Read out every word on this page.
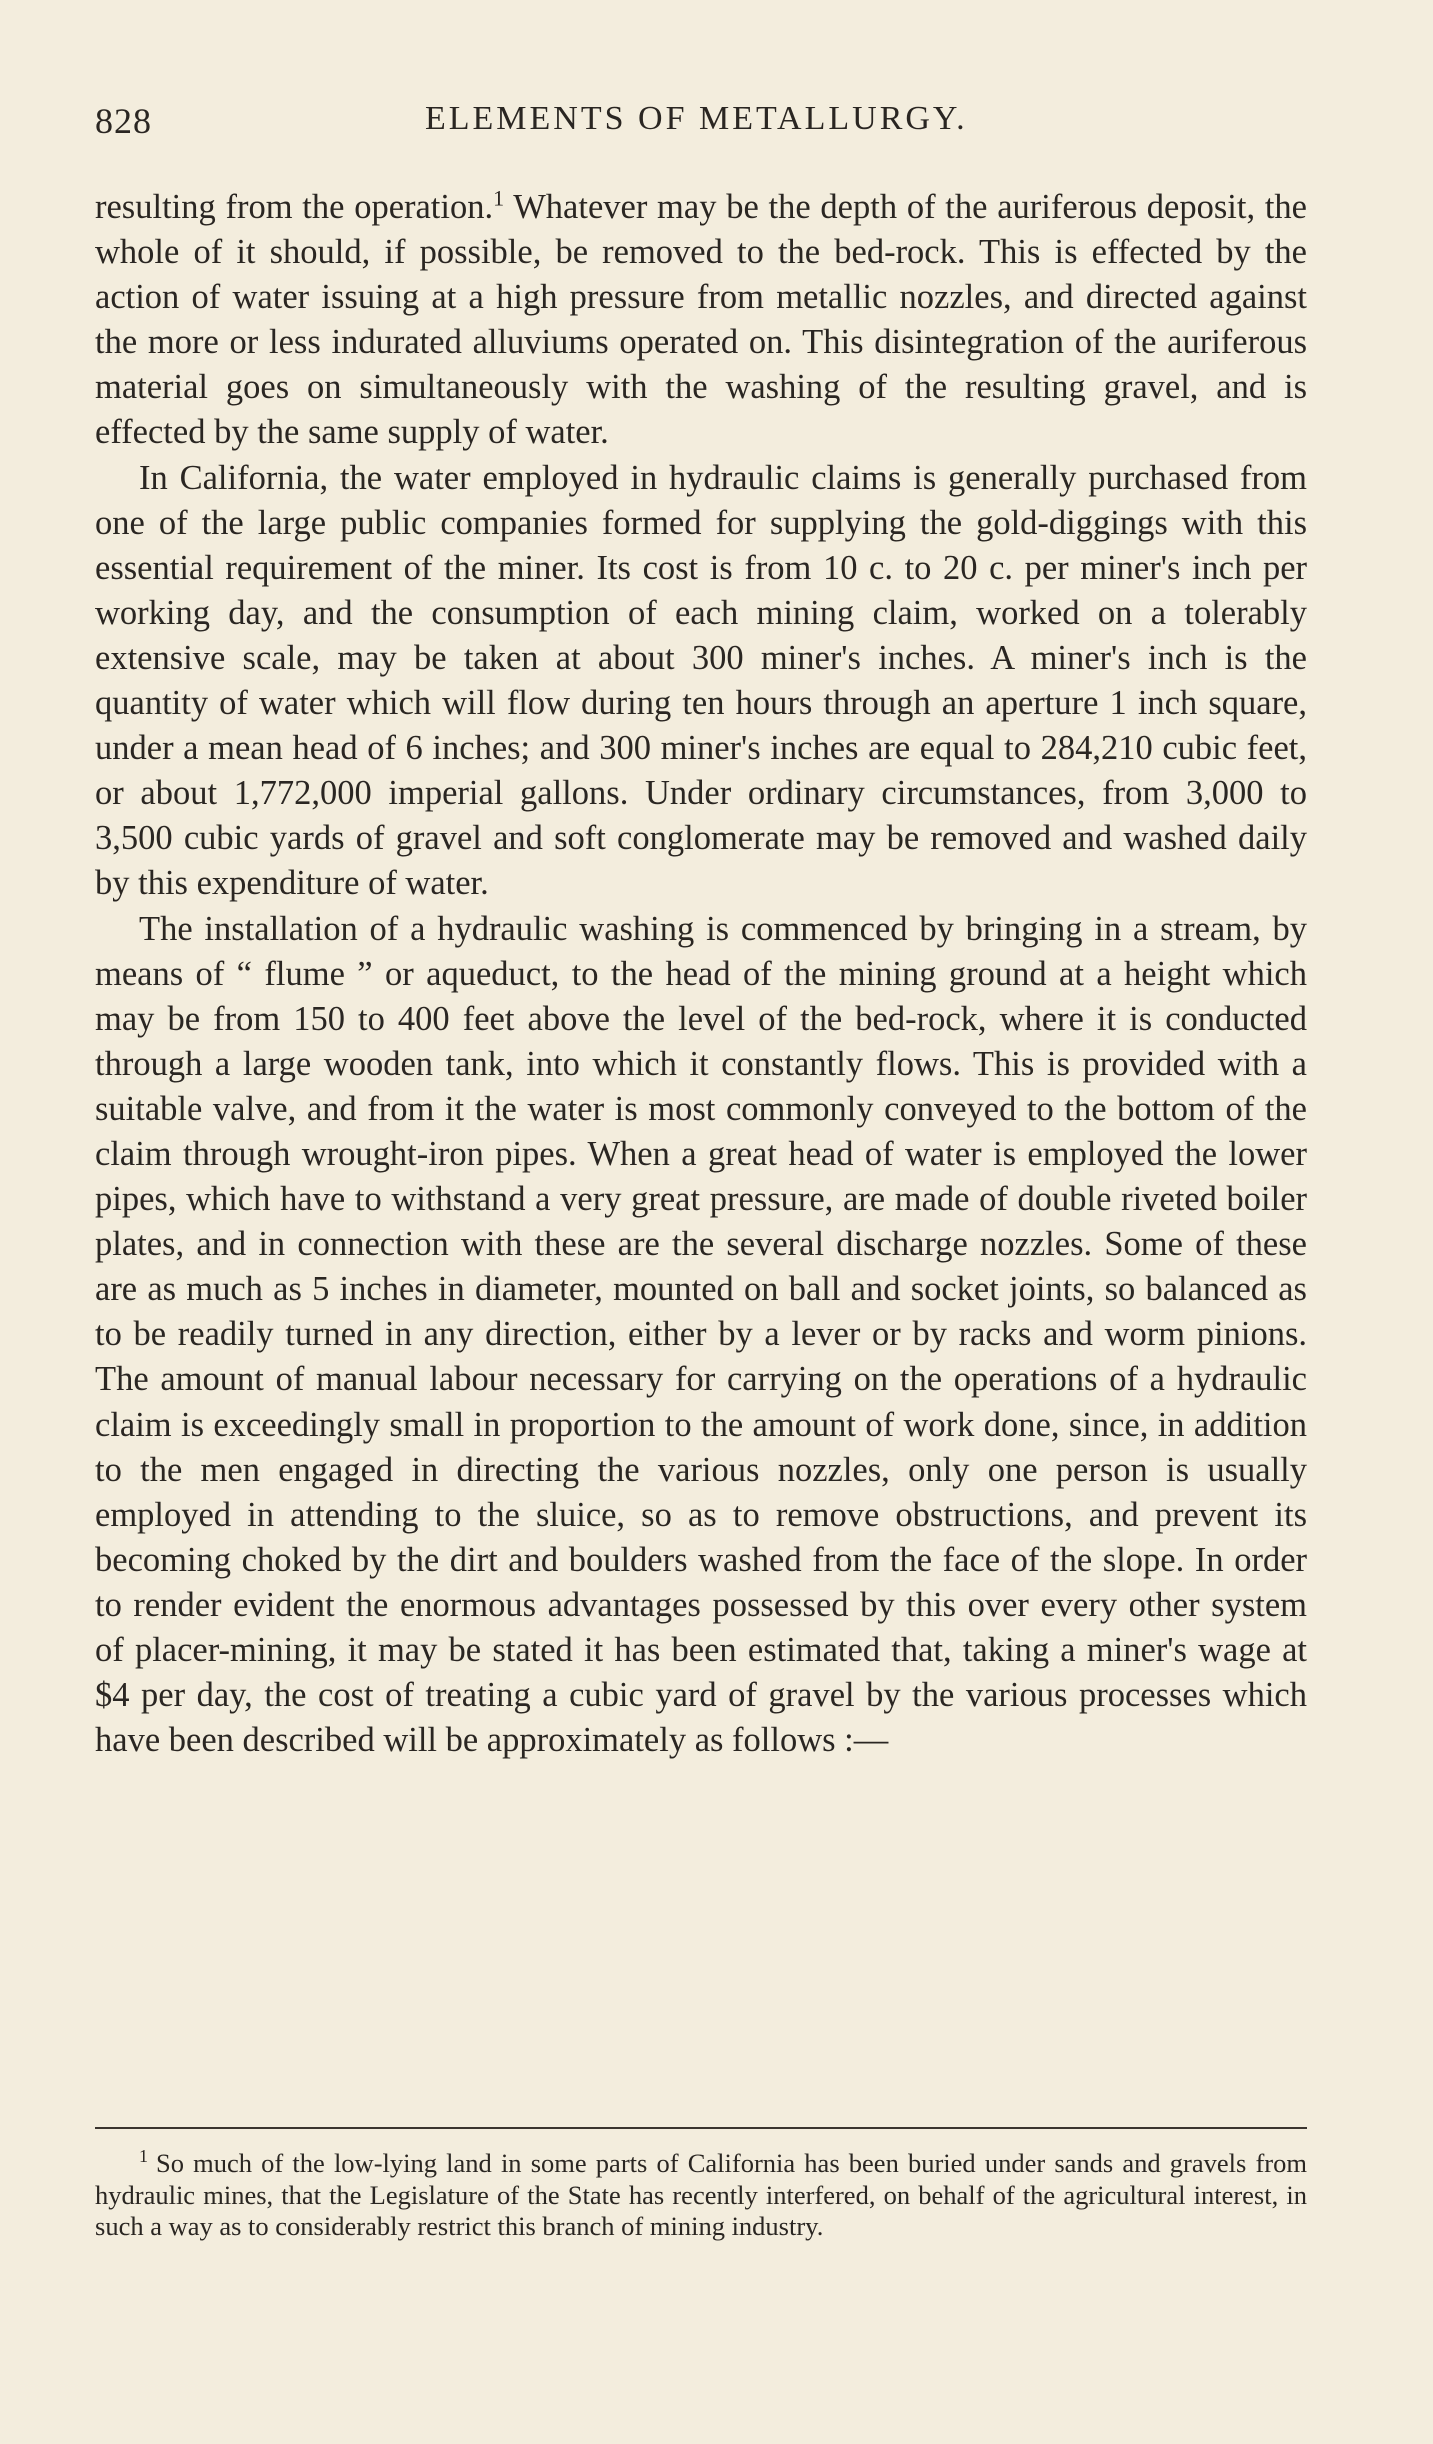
828	ELEMENTS OF METALLURGY.

resulting from the operation.$^1$ Whatever may be the depth of the auriferous deposit, the whole of it should, if possible, be removed to the bed-rock. This is effected by the action of water issuing at a high pressure from metallic nozzles, and directed against the more or less indurated alluviums operated on. This disintegration of the auriferous material goes on simultaneously with the washing of the resulting gravel, and is effected by the same supply of water.

In California, the water employed in hydraulic claims is generally purchased from one of the large public companies formed for supplying the gold-diggings with this essential requirement of the miner. Its cost is from 10 c. to 20 c. per miner's inch per working day, and the consumption of each mining claim, worked on a tolerably extensive scale, may be taken at about 300 miner's inches. A miner's inch is the quantity of water which will flow during ten hours through an aperture 1 inch square, under a mean head of 6 inches; and 300 miner's inches are equal to 284,210 cubic feet, or about 1,772,000 imperial gallons. Under ordinary circumstances, from 3,000 to 3,500 cubic yards of gravel and soft conglomerate may be removed and washed daily by this expenditure of water.

The installation of a hydraulic washing is commenced by bringing in a stream, by means of “ flume ” or aqueduct, to the head of the mining ground at a height which may be from 150 to 400 feet above the level of the bed-rock, where it is conducted through a large wooden tank, into which it constantly flows. This is provided with a suitable valve, and from it the water is most commonly conveyed to the bottom of the claim through wrought-iron pipes. When a great head of water is employed the lower pipes, which have to withstand a very great pressure, are made of double riveted boiler plates, and in connection with these are the several discharge nozzles. Some of these are as much as 5 inches in diameter, mounted on ball and socket joints, so balanced as to be readily turned in any direction, either by a lever or by racks and worm pinions. The amount of manual labour necessary for carrying on the operations of a hydraulic claim is exceedingly small in proportion to the amount of work done, since, in addition to the men engaged in directing the various nozzles, only one person is usually employed in attending to the sluice, so as to remove obstructions, and prevent its becoming choked by the dirt and boulders washed from the face of the slope. In order to render evident the enormous advantages possessed by this over every other system of placer-mining, it may be stated it has been estimated that, taking a miner's wage at $4 per day, the cost of treating a cubic yard of gravel by the various processes which have been described will be approximately as follows :—

$^1$ So much of the low-lying land in some parts of California has been buried under sands and gravels from hydraulic mines, that the Legislature of the State has recently interfered, on behalf of the agricultural interest, in such a way as to considerably restrict this branch of mining industry.
